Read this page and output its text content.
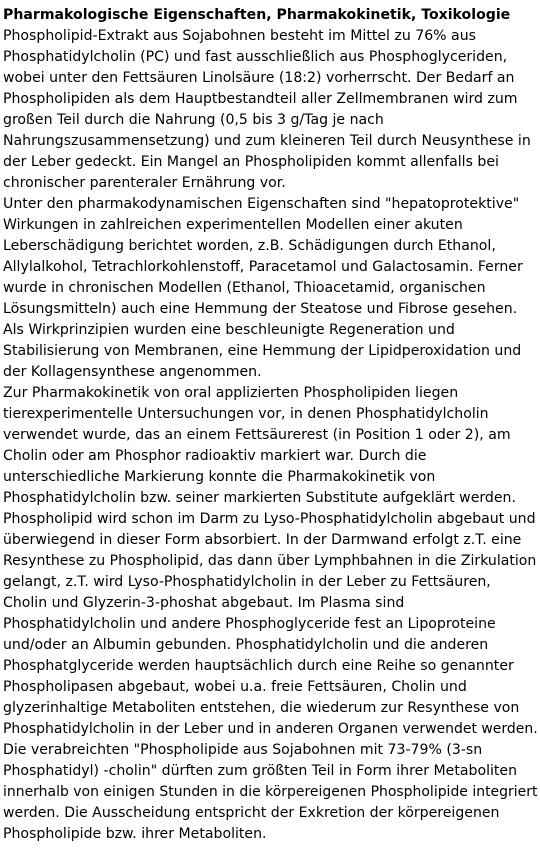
Pharmakologische Eigenschaften, Pharmakokinetik, Toxikologie
Phospholipid-Extrakt aus Sojabohnen besteht im Mittel zu 76% aus
Phosphatidylcholin (PC) und fast ausschließlich aus Phosphoglyceriden,
wobei unter den Fettsäuren Linolsäure (18:2) vorherrscht. Der Bedarf an
Phospholipiden als dem Hauptbestandteil aller Zellmembranen wird zum
großen Teil durch die Nahrung (0,5 bis 3 g/Tag je nach
Nahrungszusammensetzung) und zum kleineren Teil durch Neusynthese in
der Leber gedeckt. Ein Mangel an Phospholipiden kommt allenfalls bei
chronischer parenteraler Ernährung vor.
Unter den pharmakodynamischen Eigenschaften sind "hepatoprotektive"
Wirkungen in zahlreichen experimentellen Modellen einer akuten
Leberschädigung berichtet worden, z.B. Schädigungen durch Ethanol,
Allylalkohol, Tetrachlorkohlenstoff, Paracetamol und Galactosamin. Ferner
wurde in chronischen Modellen (Ethanol, Thioacetamid, organischen
Lösungsmitteln) auch eine Hemmung der Steatose und Fibrose gesehen.
Als Wirkprinzipien wurden eine beschleunigte Regeneration und
Stabilisierung von Membranen, eine Hemmung der Lipidperoxidation und
der Kollagensynthese angenommen.
Zur Pharmakokinetik von oral applizierten Phospholipiden liegen
tierexperimentelle Untersuchungen vor, in denen Phosphatidylcholin
verwendet wurde, das an einem Fettsäurerest (in Position 1 oder 2), am
Cholin oder am Phosphor radioaktiv markiert war. Durch die
unterschiedliche Markierung konnte die Pharmakokinetik von
Phosphatidylcholin bzw. seiner markierten Substitute aufgeklärt werden.
Phospholipid wird schon im Darm zu Lyso-Phosphatidylcholin abgebaut und
überwiegend in dieser Form absorbiert. In der Darmwand erfolgt z.T. eine
Resynthese zu Phospholipid, das dann über Lymphbahnen in die Zirkulation
gelangt, z.T. wird Lyso-Phosphatidylcholin in der Leber zu Fettsäuren,
Cholin und Glyzerin-3-phoshat abgebaut. Im Plasma sind
Phosphatidylcholin und andere Phosphoglyceride fest an Lipoproteine
und/oder an Albumin gebunden. Phosphatidylcholin und die anderen
Phosphatglyceride werden hauptsächlich durch eine Reihe so genannter
Phospholipasen abgebaut, wobei u.a. freie Fettsäuren, Cholin und
glyzerinhaltige Metaboliten entstehen, die wiederum zur Resynthese von
Phosphatidylcholin in der Leber und in anderen Organen verwendet werden.
Die verabreichten "Phospholipide aus Sojabohnen mit 73-79% (3-sn
Phosphatidyl) -cholin" dürften zum größten Teil in Form ihrer Metaboliten
innerhalb von einigen Stunden in die körpereigenen Phospholipide integriert
werden. Die Ausscheidung entspricht der Exkretion der körpereigenen
Phospholipide bzw. ihrer Metaboliten.
